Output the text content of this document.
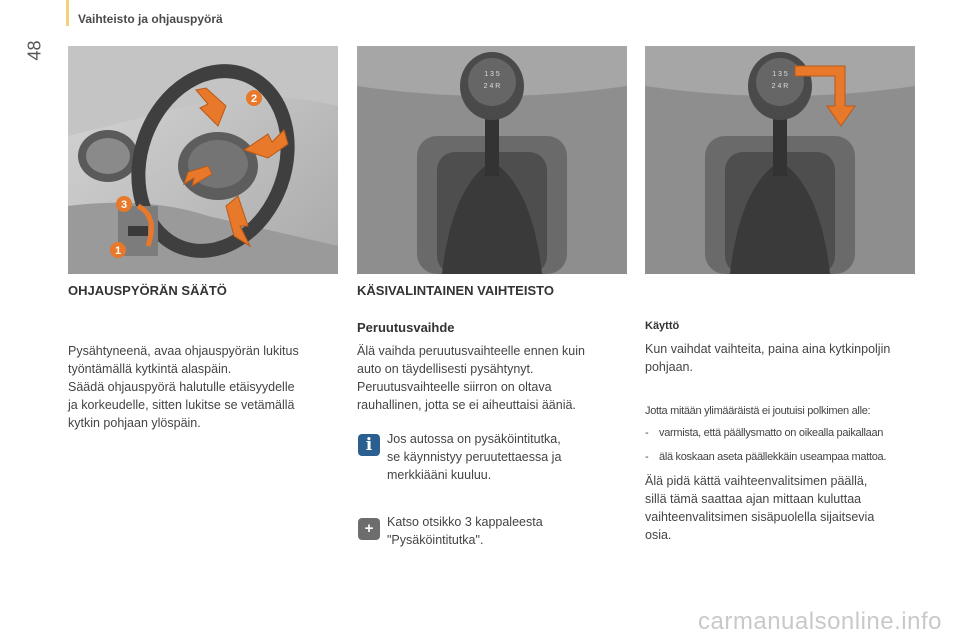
Vaihteisto ja ohjauspyörä
48
2
3
1
1 3 5
2 4 R
1 3 5
2 4 R
OHJAUSPYÖRÄN SÄÄTÖ

Pysähtyneenä, avaa ohjauspyörän lukitus

työntämällä kytkintä alaspäin.

Säädä ohjauspyörä halutulle etäisyydelle

ja korkeudelle, sitten lukitse se vetämällä

kytkin pohjaan ylöspäin.

KÄSIVALINTAINEN VAIHTEISTO
Peruutusvaihde

Älä vaihda peruutusvaihteelle ennen kuin

auto on täydellisesti pysähtynyt.

Peruutusvaihteelle siirron on oltava

rauhallinen, jotta se ei aiheuttaisi ääniä.

i	Jos autossa on pysäköintitutka,

se käynnistyy peruutettaessa ja

merkkiääni kuuluu.

+	Katso otsikko 3 kappaleesta

"Pysäköintitutka".

Käyttö

Kun vaihdat vaihteita, paina aina kytkinpoljin

pohjaan.

Jotta mitään ylimääräistä ei joutuisi polkimen alle:

- varmista, että päällysmatto on oikealla paikallaan
- älä koskaan aseta päällekkäin useampaa mattoa.

Älä pidä kättä vaihteenvalitsimen päällä,

sillä tämä saattaa ajan mittaan kuluttaa

vaihteenvalitsimen sisäpuolella sijaitsevia

osia.

carmanualsonline.info
